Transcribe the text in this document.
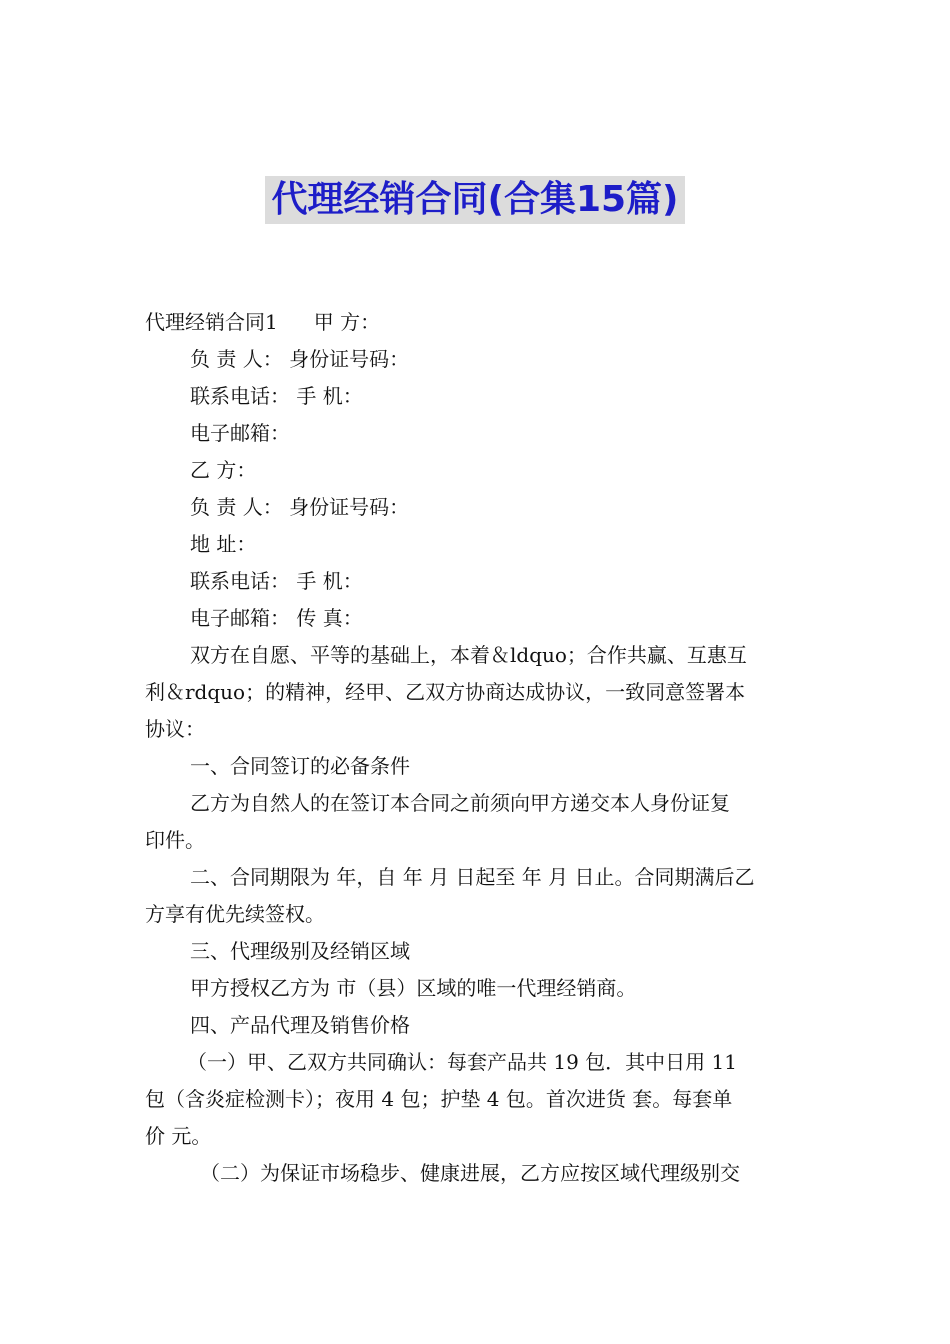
代理经销合同(合集15篇)
代理经销合同1 甲 方：
负 责 人： 身份证号码：
联系电话： 手 机：
电子邮箱：
乙 方：
负 责 人： 身份证号码：
地 址：
联系电话： 手 机：
电子邮箱： 传 真：
双方在自愿、平等的基础上，本着＆ldquo；合作共赢、互惠互
利＆rdquo；的精神，经甲、乙双方协商达成协议，一致同意签署本
协议：
一、合同签订的必备条件
乙方为自然人的在签订本合同之前须向甲方递交本人身份证复
印件。
二、合同期限为 年，自 年 月 日起至 年 月 日止。合同期满后乙
方享有优先续签权。
三、代理级别及经销区域
甲方授权乙方为 市（县）区域的唯一代理经销商。
四、产品代理及销售价格
（一）甲、乙双方共同确认：每套产品共 19 包．其中日用 11
包（含炎症检测卡）；夜用 4 包；护垫 4 包。首次进货 套。每套单
价 元。
（二）为保证市场稳步、健康进展，乙方应按区域代理级别交
